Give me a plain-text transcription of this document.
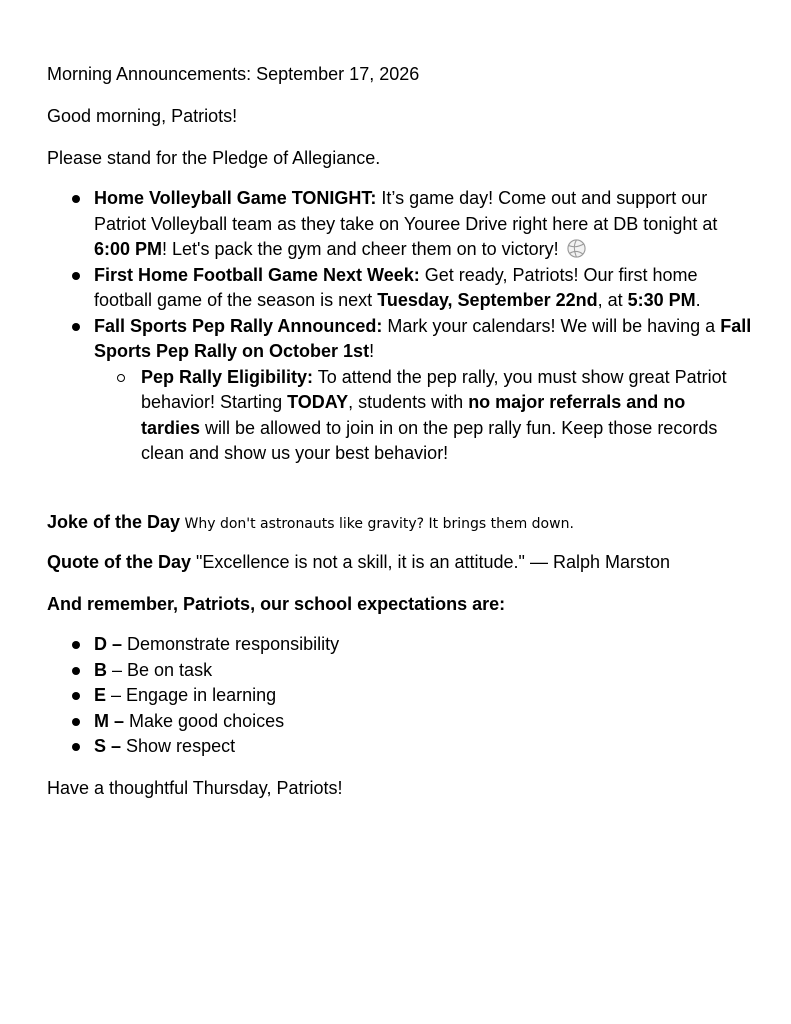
Morning Announcements: September 17, 2026

Good morning, Patriots!

Please stand for the Pledge of Allegiance.

Home Volleyball Game TONIGHT: It’s game day! Come out and support our Patriot Volleyball team as they take on Youree Drive right here at DB tonight at 6:00 PM! Let's pack the gym and cheer them on to victory!
First Home Football Game Next Week: Get ready, Patriots! Our first home football game of the season is next Tuesday, September 22nd, at 5:30 PM.
Fall Sports Pep Rally Announced: Mark your calendars! We will be having a Fall Sports Pep Rally on October 1st!
Pep Rally Eligibility: To attend the pep rally, you must show great Patriot behavior! Starting TODAY, students with no major referrals and no tardies will be allowed to join in on the pep rally fun. Keep those records clean and show us your best behavior!

Joke of the Day Why don't astronauts like gravity? It brings them down.

Quote of the Day "Excellence is not a skill, it is an attitude." — Ralph Marston

And remember, Patriots, our school expectations are:

D – Demonstrate responsibility
B – Be on task
E – Engage in learning
M – Make good choices
S – Show respect

Have a thoughtful Thursday, Patriots!
